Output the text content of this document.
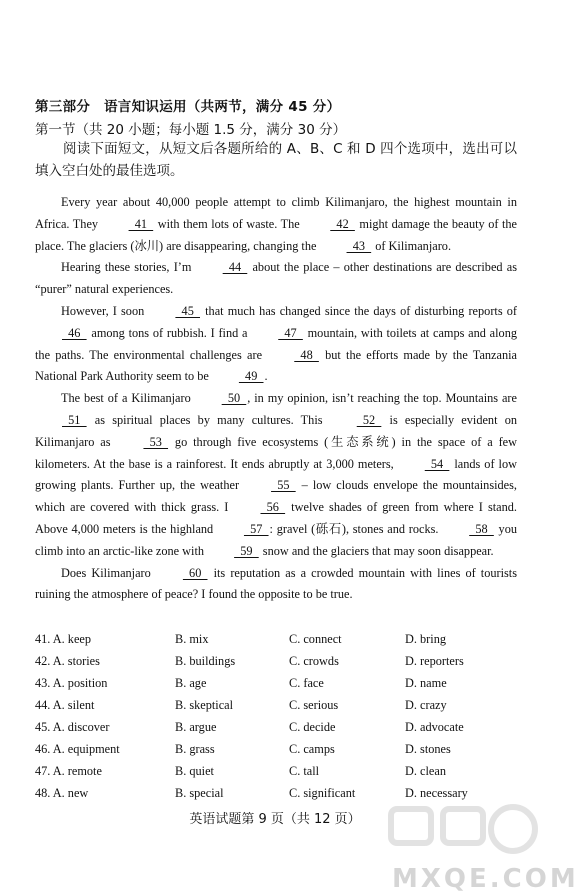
第三部分　语言知识运用（共两节，满分 45 分）
第一节（共 20 小题；每小题 1.5 分，满分 30 分）
阅读下面短文，从短文后各题所给的 A、B、C 和 D 四个选项中，选出可以填入空白处的最佳选项。

Every year about 40,000 people attempt to climb Kilimanjaro, the highest mountain in Africa. They  41  with them lots of waste. The  42  might damage the beauty of the place. The glaciers (冰川) are disappearing, changing the  43  of Kilimanjaro.

Hearing these stories, I’m  44  about the place – other destinations are described as “purer” natural experiences.

However, I soon  45  that much has changed since the days of disturbing reports of  46  among tons of rubbish. I find a  47  mountain, with toilets at camps and along the paths. The environmental challenges are  48  but the efforts made by the Tanzania National Park Authority seem to be  49 .

The best of a Kilimanjaro  50 , in my opinion, isn’t reaching the top. Mountains are  51  as spiritual places by many cultures. This  52  is especially evident on Kilimanjaro as  53  go through five ecosystems (生态系统) in the space of a few kilometers. At the base is a rainforest. It ends abruptly at 3,000 meters,  54  lands of low growing plants. Further up, the weather  55  – low clouds envelope the mountainsides, which are covered with thick grass. I  56  twelve shades of green from where I stand. Above 4,000 meters is the highland  57 : gravel (砾石), stones and rocks.  58  you climb into an arctic-like zone with  59  snow and the glaciers that may soon disappear.

Does Kilimanjaro  60  its reputation as a crowded mountain with lines of tourists ruining the atmosphere of peace? I found the opposite to be true.

41. A. keep	B. mix	C. connect	D. bring
42. A. stories	B. buildings	C. crowds	D. reporters
43. A. position	B. age	C. face	D. name
44. A. silent	B. skeptical	C. serious	D. crazy
45. A. discover	B. argue	C. decide	D. advocate
46. A. equipment	B. grass	C. camps	D. stones
47. A. remote	B. quiet	C. tall	D. clean
48. A. new	B. special	C. significant	D. necessary
英语试题第 9 页（共 12 页）
MXQE.COM
